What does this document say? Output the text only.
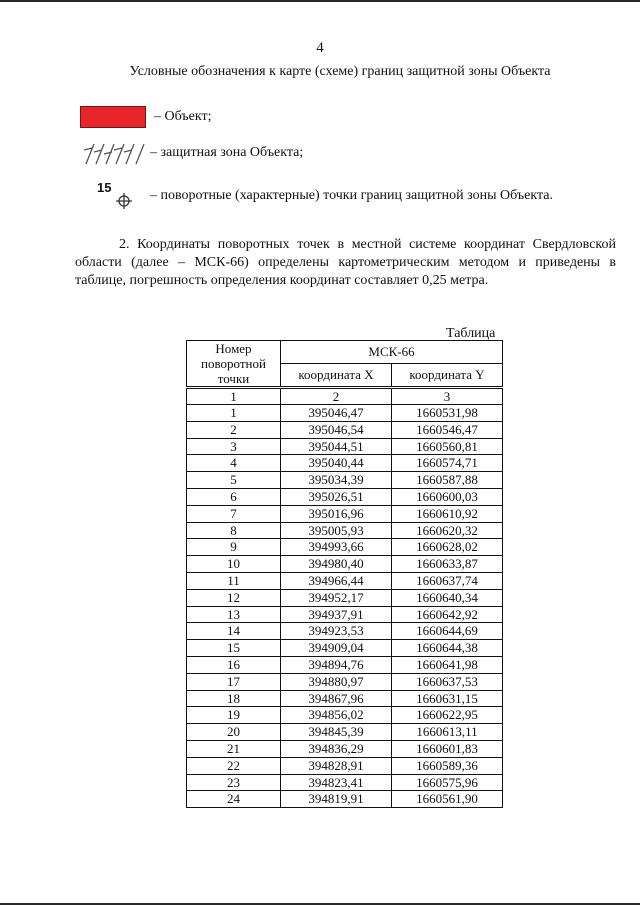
4
Условные обозначения к карте (схеме) границ защитной зоны Объекта
– Объект;
– защитная зона Объекта;
15
– поворотные (характерные) точки границ защитной зоны Объекта.
2. Координаты поворотных точек в местной системе координат Свердловской области (далее – МСК-66) определены картометрическим методом и приведены в таблице, погрешность определения координат составляет 0,25 метра.
Таблица
Номер поворотной точки	МСК-66	
	координата X	координата Y
1	2	3
1	395046,47	1660531,98
2	395046,54	1660546,47
3	395044,51	1660560,81
4	395040,44	1660574,71
5	395034,39	1660587,88
6	395026,51	1660600,03
7	395016,96	1660610,92
8	395005,93	1660620,32
9	394993,66	1660628,02
10	394980,40	1660633,87
11	394966,44	1660637,74
12	394952,17	1660640,34
13	394937,91	1660642,92
14	394923,53	1660644,69
15	394909,04	1660644,38
16	394894,76	1660641,98
17	394880,97	1660637,53
18	394867,96	1660631,15
19	394856,02	1660622,95
20	394845,39	1660613,11
21	394836,29	1660601,83
22	394828,91	1660589,36
23	394823,41	1660575,96
24	394819,91	1660561,90
